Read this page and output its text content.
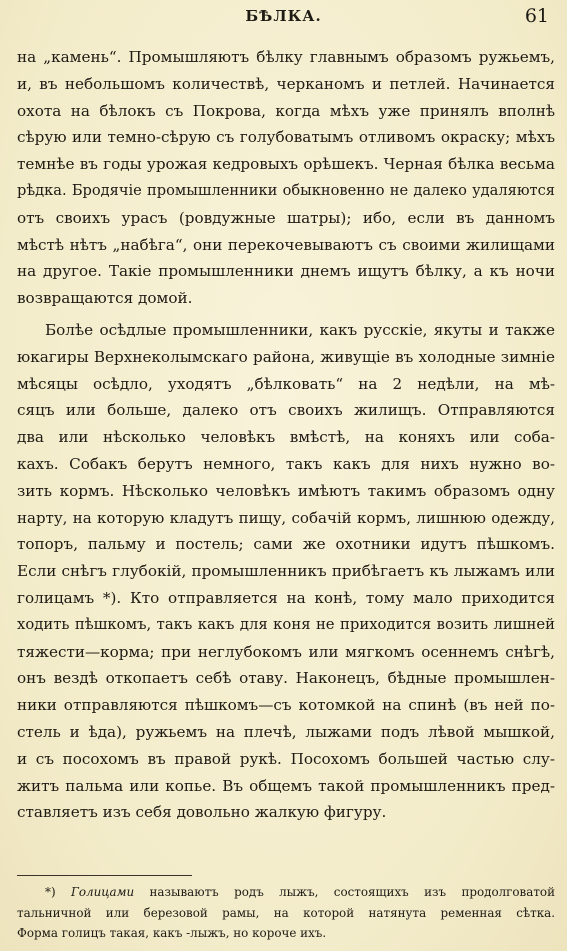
БѢЛКА.	61
на „камень“. Промышляютъ бѣлку главнымъ образомъ ружьемъ,
и, въ небольшомъ количествѣ, черканомъ и петлей. Начинается
охота на бѣлокъ съ Покрова, когда мѣхъ уже принялъ вполнѣ
сѣрую или темно-сѣрую съ голубоватымъ отливомъ окраску; мѣхъ
темнѣе въ годы урожая кедровыхъ орѣшекъ. Черная бѣлка весьма
рѣдка. Бродячіе промышленники обыкновенно не далеко удаляются
отъ своихъ урасъ (ровдужные шатры); ибо, если въ данномъ
мѣстѣ нѣтъ „набѣга“, они перекочевываютъ съ своими жилищами
на другое. Такіе промышленники днемъ ищутъ бѣлку, а къ ночи
возвращаются домой.
Болѣе осѣдлые промышленники, какъ русскіе, якуты и также
юкагиры Верхнеколымскаго района, живущіе въ холодные зимніе
мѣсяцы осѣдло, уходятъ „бѣлковать“ на 2 недѣли, на мѣ-
сяцъ или больше, далеко отъ своихъ жилищъ. Отправляются
два или нѣсколько человѣкъ вмѣстѣ, на коняхъ или соба-
кахъ. Собакъ берутъ немного, такъ какъ для нихъ нужно во-
зить кормъ. Нѣсколько человѣкъ имѣютъ такимъ образомъ одну
нарту, на которую кладутъ пищу, собачій кормъ, лишнюю одежду,
топоръ, пальму и постель; сами же охотники идутъ пѣшкомъ.
Если снѣгъ глубокій, промышленникъ прибѣгаетъ къ лыжамъ или
голицамъ *). Кто отправляется на конѣ, тому мало приходится
ходить пѣшкомъ, такъ какъ для коня не приходится возить лишней
тяжести—корма; при неглубокомъ или мягкомъ осеннемъ снѣгѣ,
онъ вездѣ откопаетъ себѣ отаву. Наконецъ, бѣдные промышлен-
ники отправляются пѣшкомъ—съ котомкой на спинѣ (въ ней по-
стель и ѣда), ружьемъ на плечѣ, лыжами подъ лѣвой мышкой,
и съ посохомъ въ правой рукѣ. Посохомъ большей частью слу-
житъ пальма или копье. Въ общемъ такой промышленникъ пред-
ставляетъ изъ себя довольно жалкую фигуру.
*) Голицами называютъ родъ лыжъ, состоящихъ изъ продолговатой
тальничной или березовой рамы, на которой натянута ременная сѣтка.
Форма голицъ такая, какъ -лыжъ, но короче ихъ.
